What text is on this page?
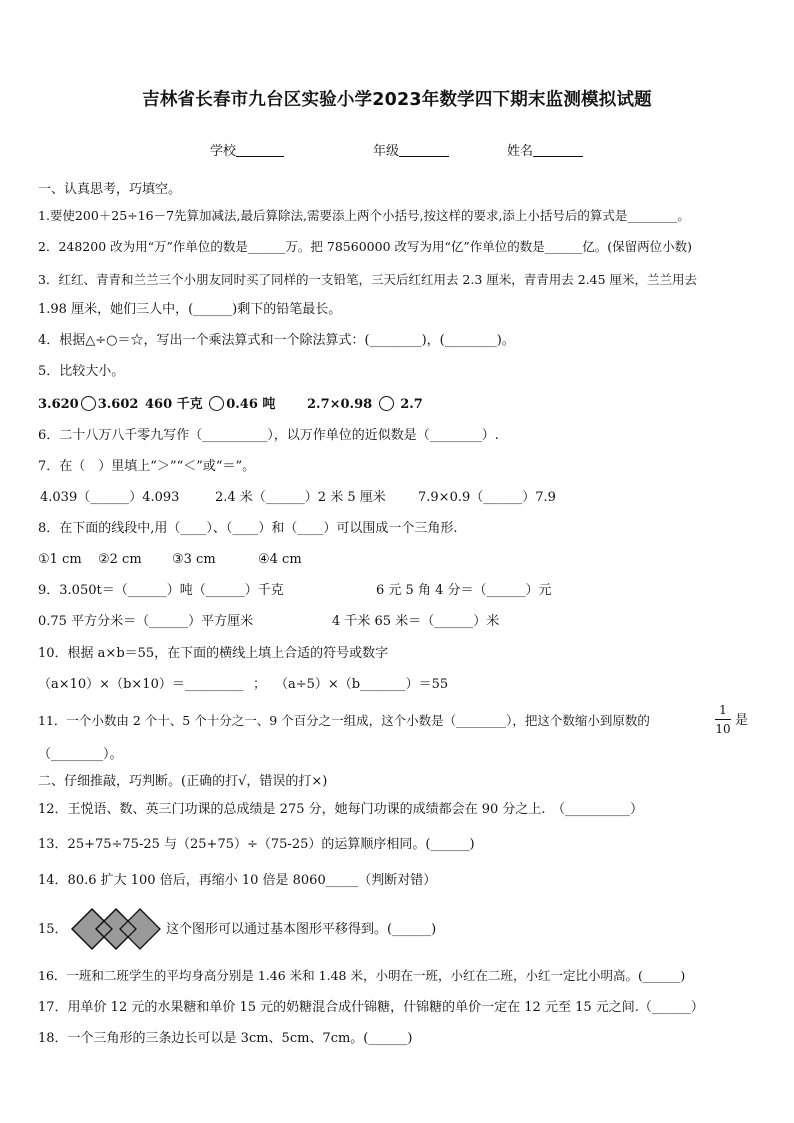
吉林省长春市九台区实验小学2023年数学四下期末监测模拟试题
学校	年级	姓名
一、认真思考，巧填空。
1.要使200＋25÷16－7先算加减法,最后算除法,需要添上两个小括号,按这样的要求,添上小括号后的算式是________。
2．248200 改为用“万”作单位的数是______万。把 78560000 改写为用“亿”作单位的数是______亿。(保留两位小数)
3．红红、青青和兰兰三个小朋友同时买了同样的一支铅笔，三天后红红用去 2.3 厘米，青青用去 2.45 厘米，兰兰用去
1.98 厘米，她们三人中，(______)剩下的铅笔最长。
4．根据△÷○＝☆，写出一个乘法算式和一个除法算式：(________)，(________)。
5．比较大小。
3.620 3.602 460 千克 0.46 吨 2.7×0.98 2.7
6．二十八万八千零九写作（__________），以万作单位的近似数是（________）.
7．在（　）里填上“＞”“＜”或“＝”。
4.039（______）4.093	2.4 米（______）2 米 5 厘米 7.9×0.9（______）7.9
8．在下面的线段中,用（____）、（____）和（____）可以围成一个三角形.
①1 cm ②2 cm ③3 cm	④4 cm
9．3.050t＝（______）吨（______）千克	6 元 5 角 4 分＝（______）元
0.75 平方分米＝（______）平方厘米	4 千米 65 米＝（______）米
10．根据 a×b＝55，在下面的横线上填上合适的符号或数字
（a×10）×（b×10）＝_________ ； （a÷5）×（b_______）＝55
11．一个小数由 2 个十、5 个十分之一、9 个百分之一组成，这个小数是（________），把这个数缩小到原数的
1
10
是
（________）。
二、仔细推敲，巧判断。(正确的打√，错误的打×)
12．王悦语、数、英三门功课的总成绩是 275 分，她每门功课的成绩都会在 90 分之上.　（__________）
13．25+75÷75-25 与（25+75）÷（75-25）的运算顺序相同。(______)
14．80.6 扩大 100 倍后，再缩小 10 倍是 8060_____（判断对错）
15．	这个图形可以通过基本图形平移得到。(______)
16．一班和二班学生的平均身高分别是 1.46 米和 1.48 米，小明在一班，小红在二班，小红一定比小明高。(______)
17．用单价 12 元的水果糖和单价 15 元的奶糖混合成什锦糖，什锦糖的单价一定在 12 元至 15 元之间.（______）
18．一个三角形的三条边长可以是 3cm、5cm、7cm。(______)
